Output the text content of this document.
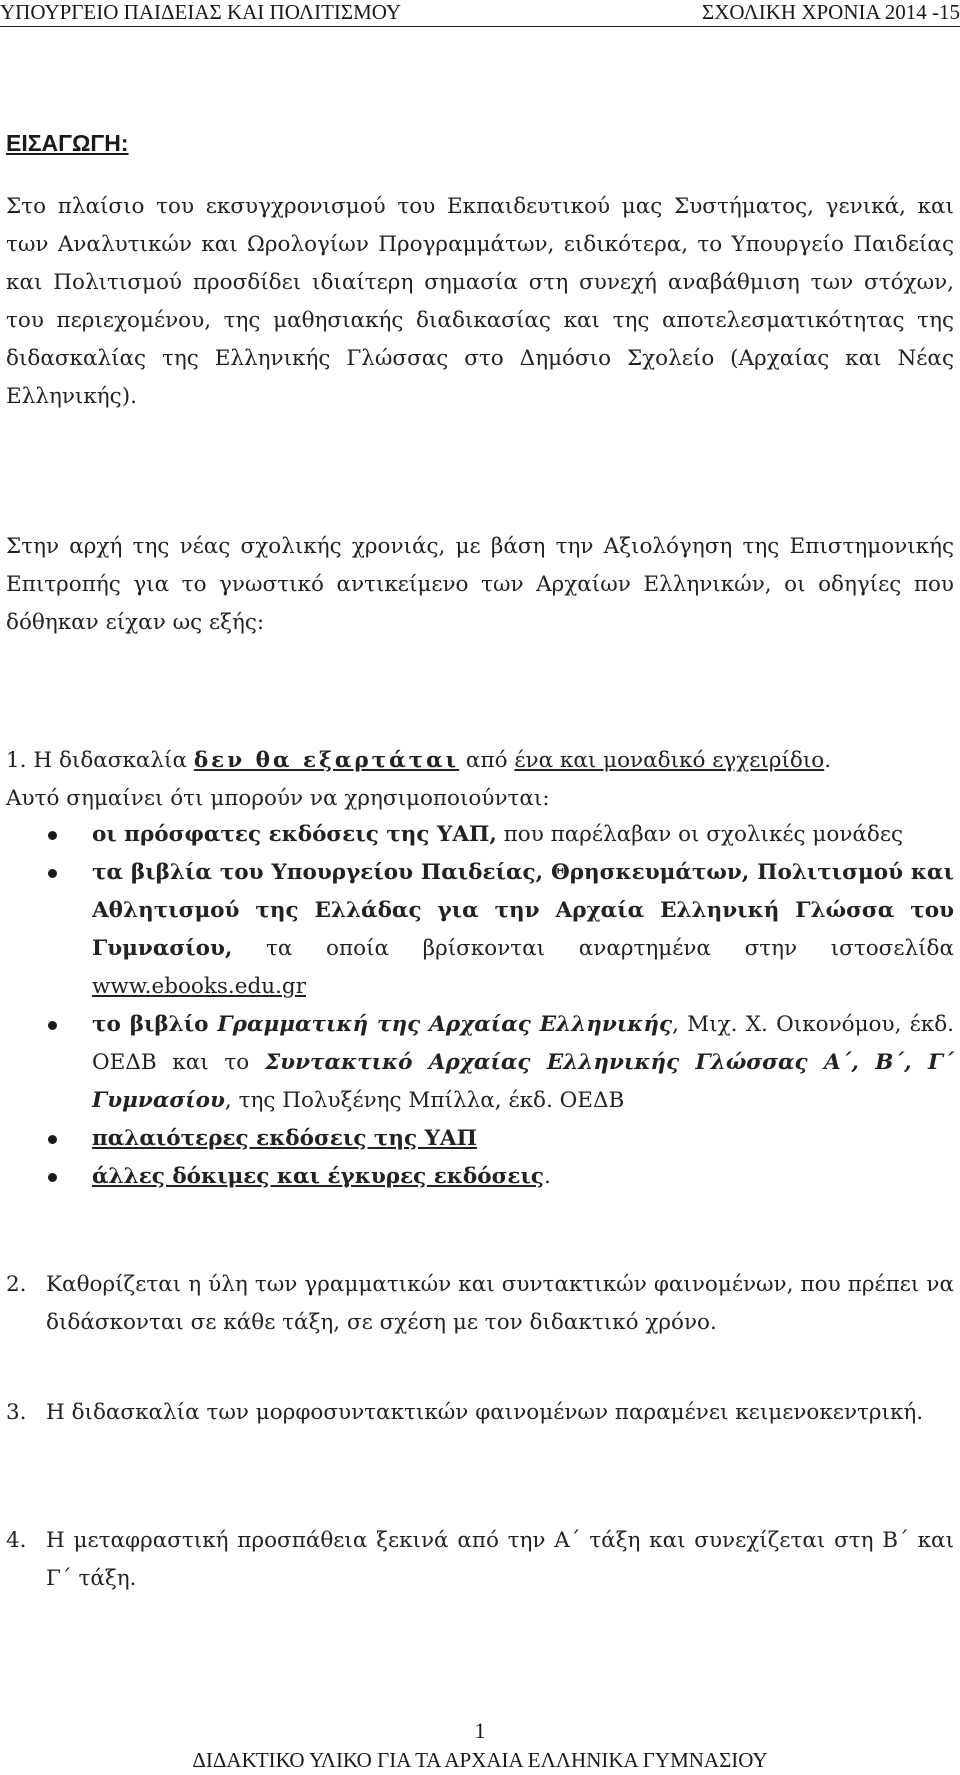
ΥΠΟΥΡΓΕΙΟ ΠΑΙΔΕΙΑΣ ΚΑΙ ΠΟΛΙΤΙΣΜΟΥ	ΣΧΟΛΙΚΗ ΧΡΟΝΙΑ 2014 -15
ΕΙΣΑΓΩΓΗ:
Στο πλαίσιο του εκσυγχρονισμού του Εκπαιδευτικού μας Συστήματος, γενικά, και των Αναλυτικών και Ωρολογίων Προγραμμάτων, ειδικότερα, το Υπουργείο Παιδείας και Πολιτισμού προσδίδει ιδιαίτερη σημασία στη συνεχή αναβάθμιση των στόχων, του περιεχομένου, της μαθησιακής διαδικασίας και της αποτελεσματικότητας της διδασκαλίας της Ελληνικής Γλώσσας στο Δημόσιο Σχολείο (Αρχαίας και Νέας Ελληνικής).
Στην αρχή της νέας σχολικής χρονιάς, με βάση την Αξιολόγηση της Επιστημονικής Επιτροπής για το γνωστικό αντικείμενο των Αρχαίων Ελληνικών, οι οδηγίες που δόθηκαν είχαν ως εξής:
1. Η διδασκαλία δεν θα εξαρτάται από ένα και μοναδικό εγχειρίδιο.
Αυτό σημαίνει ότι μπορούν να χρησιμοποιούνται:
οι πρόσφατες εκδόσεις της ΥΑΠ, που παρέλαβαν οι σχολικές μονάδες
τα βιβλία του Υπουργείου Παιδείας, Θρησκευμάτων, Πολιτισμού και Αθλητισμού της Ελλάδας για την Αρχαία Ελληνική Γλώσσα του Γυμνασίου, τα οποία βρίσκονται αναρτημένα στην ιστοσελίδα www.ebooks.edu.gr
το βιβλίο Γραμματική της Αρχαίας Ελληνικής, Μιχ. Χ. Οικονόμου, έκδ. ΟΕΔΒ και το Συντακτικό Αρχαίας Ελληνικής Γλώσσας Α΄, Β΄, Γ΄ Γυμνασίου, της Πολυξένης Μπίλλα, έκδ. ΟΕΔΒ
παλαιότερες εκδόσεις της ΥΑΠ
άλλες δόκιμες και έγκυρες εκδόσεις.
2. Καθορίζεται η ύλη των γραμματικών και συντακτικών φαινομένων, που πρέπει να διδάσκονται σε κάθε τάξη, σε σχέση με τον διδακτικό χρόνο.
3. Η διδασκαλία των μορφοσυντακτικών φαινομένων παραμένει κειμενοκεντρική.
4. Η μεταφραστική προσπάθεια ξεκινά από την Α΄ τάξη και συνεχίζεται στη Β΄ και Γ΄ τάξη.
1
ΔΙΔΑΚΤΙΚΟ ΥΛΙΚΟ ΓΙΑ ΤΑ ΑΡΧΑΙΑ ΕΛΛΗΝΙΚΑ ΓΥΜΝΑΣΙΟΥ
